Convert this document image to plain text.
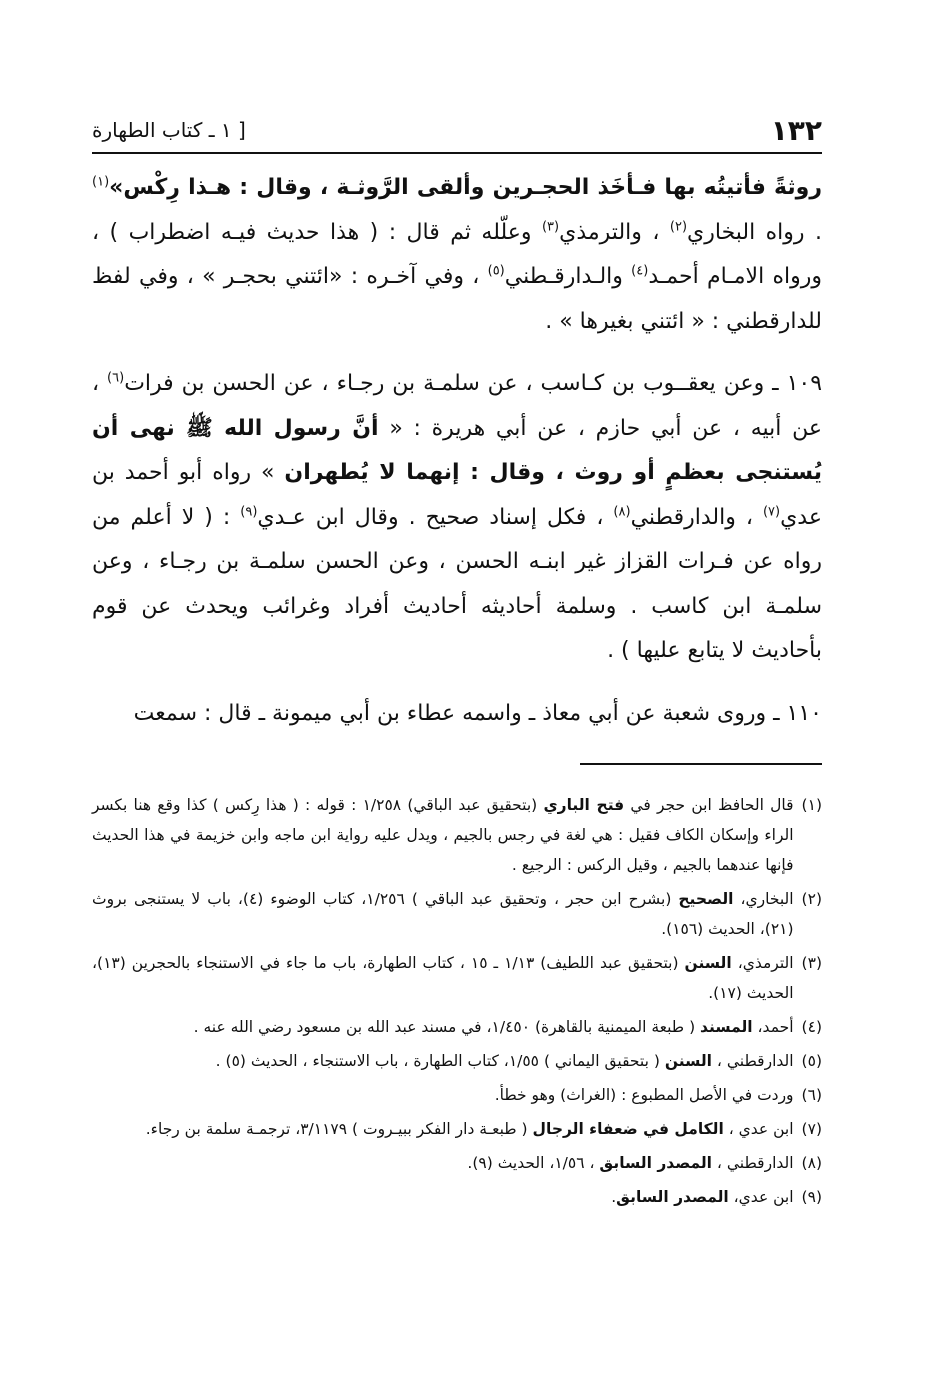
١٣٢
[ ١ ـ كتاب الطهارة

روثةً فأتيتُه بها فـأخَذ الحجـرين وألقى الرَّوثـة ، وقال : هـذا رِكْس»$^{(١)}$ . رواه البخاري$^{(٢)}$ ، والترمذي$^{(٣)}$ وعلّله ثم قال : ( هذا حديث فيـه اضطراب ) ، ورواه الامـام أحمـد$^{(٤)}$ والـدارقـطني$^{(٥)}$ ، وفي آخـره : «ائتني بحجـر » ، وفي لفظ للدارقطني : « ائتني بغيرها » .

١٠٩ ـ وعن يعقــوب بن كـاسب ، عن سلمـة بن رجـاء ، عن الحسن بن فرات$^{(٦)}$ ، عن أبيه ، عن أبي حازم ، عن أبي هريرة : « أنَّ رسول الله ﷺ نهى أن يُستنجى بعظمٍ أو روث ، وقال : إنهما لا يُطهران » رواه أبو أحمد بن عدي$^{(٧)}$ ، والدارقطني$^{(٨)}$ ، فكل إسناد صحيح . وقال ابن عـدي$^{(٩)}$ : ( لا أعلم من رواه عن فـرات القزاز غير ابنـه الحسن ، وعن الحسن سلمـة بن رجـاء ، وعن سلمـة ابن كاسب . وسلمة أحاديثه أحاديث أفراد وغرائب ويحدث عن قوم بأحاديث لا يتابع عليها ) .

١١٠ ـ وروى شعبة عن أبي معاذ ـ واسمه عطاء بن أبي ميمونة ـ قال : سمعت

(١)
قال الحافظ ابن حجر في فتح الباري (بتحقيق عبد الباقي) ١/٢٥٨ : قوله : ( هذا رِكس ) كذا وقع هنا بكسر الراء وإسكان الكاف فقيل : هي لغة في رجس بالجيم ، ويدل عليه رواية ابن ماجه وابن خزيمة في هذا الحديث فإنها عندهما بالجيم ، وقيل الركس : الرجيع .
(٢)
البخاري، الصحيح (بشرح ابن حجر ، وتحقيق عبد الباقي ) ١/٢٥٦، كتاب الوضوء (٤)، باب لا يستنجى بروث (٢١)، الحديث (١٥٦).
(٣)
الترمذي، السنن (بتحقيق عبد اللطيف) ١/١٣ ـ ١٥ ، كتاب الطهارة، باب ما جاء في الاستنجاء بالحجرين (١٣)، الحديث (١٧).
(٤)
أحمد، المسند ( طبعة الميمنية بالقاهرة) ١/٤٥٠، في مسند عبد الله بن مسعود رضي الله عنه .
(٥)
الدارقطني ، السنن ( بتحقيق اليماني ) ١/٥٥، كتاب الطهارة ، باب الاستنجاء ، الحديث (٥) .
(٦)
وردت في الأصل المطبوع : (الغراث) وهو خطأ.
(٧)
ابن عدي ، الكامل في ضعفاء الرجال ( طبعـة دار الفكر ببيـروت ) ٣/١١٧٩، ترجمـة سلمة بن رجاء.
(٨)
الدارقطني ، المصدر السابق ، ١/٥٦، الحديث (٩).
(٩)
ابن عدي، المصدر السابق.
